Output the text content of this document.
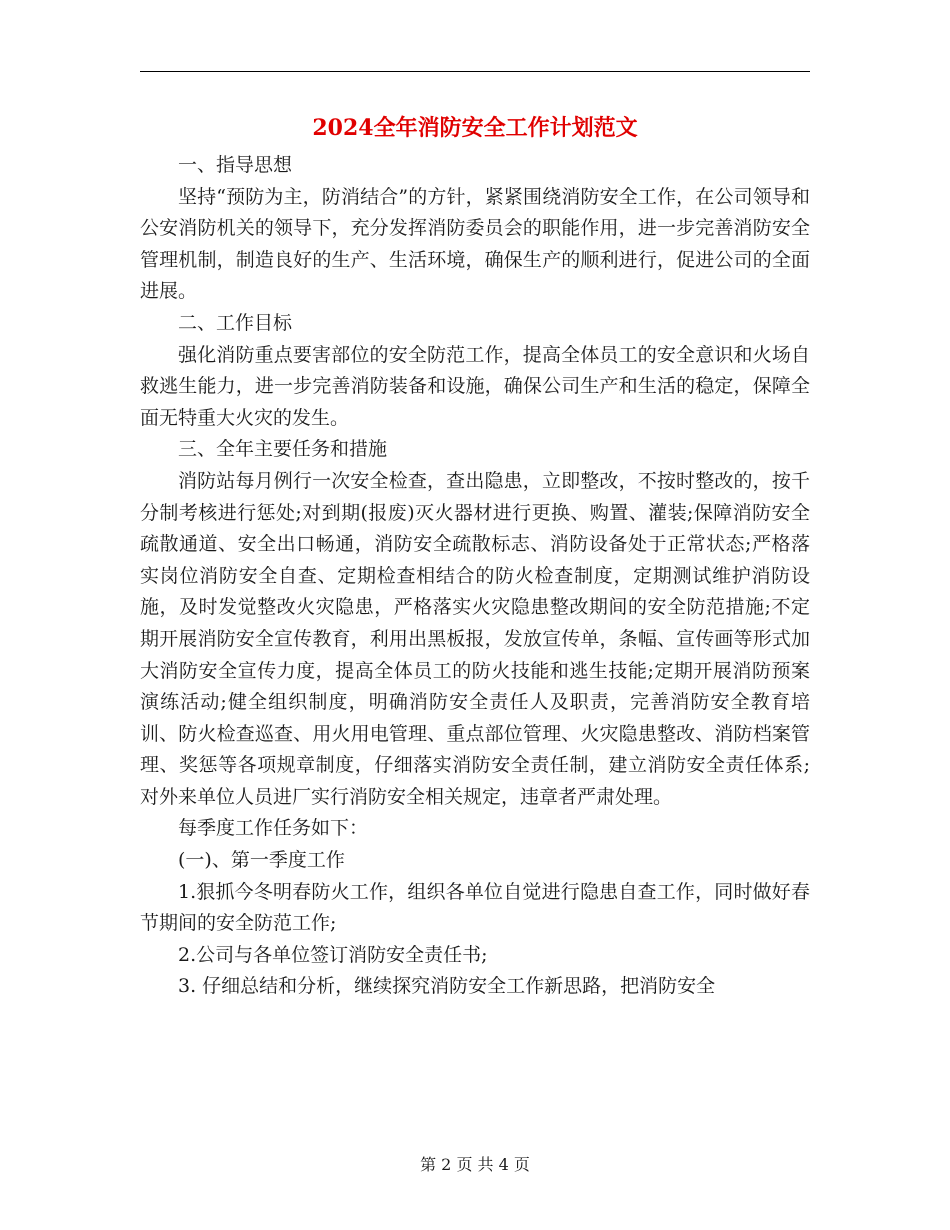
2024全年消防安全工作计划范文

一、指导思想

坚持“预防为主，防消结合”的方针，紧紧围绕消防安全工作，在公司领导和公安消防机关的领导下，充分发挥消防委员会的职能作用，进一步完善消防安全管理机制，制造良好的生产、生活环境，确保生产的顺利进行，促进公司的全面进展。

二、工作目标

强化消防重点要害部位的安全防范工作，提高全体员工的安全意识和火场自救逃生能力，进一步完善消防装备和设施，确保公司生产和生活的稳定，保障全面无特重大火灾的发生。

三、全年主要任务和措施

消防站每月例行一次安全检查，查出隐患，立即整改，不按时整改的，按千分制考核进行惩处;对到期(报废)灭火器材进行更换、购置、灌装;保障消防安全疏散通道、安全出口畅通，消防安全疏散标志、消防设备处于正常状态;严格落实岗位消防安全自查、定期检查相结合的防火检查制度，定期测试维护消防设施，及时发觉整改火灾隐患，严格落实火灾隐患整改期间的安全防范措施;不定期开展消防安全宣传教育，利用出黑板报，发放宣传单，条幅、宣传画等形式加大消防安全宣传力度，提高全体员工的防火技能和逃生技能;定期开展消防预案演练活动;健全组织制度，明确消防安全责任人及职责，完善消防安全教育培训、防火检查巡查、用火用电管理、重点部位管理、火灾隐患整改、消防档案管理、奖惩等各项规章制度，仔细落实消防安全责任制，建立消防安全责任体系;对外来单位人员进厂实行消防安全相关规定，违章者严肃处理。

每季度工作任务如下：

(一)、第一季度工作

1.狠抓今冬明春防火工作，组织各单位自觉进行隐患自查工作，同时做好春节期间的安全防范工作;

2.公司与各单位签订消防安全责任书;

3. 仔细总结和分析，继续探究消防安全工作新思路，把消防安全

第 2 页 共 4 页
